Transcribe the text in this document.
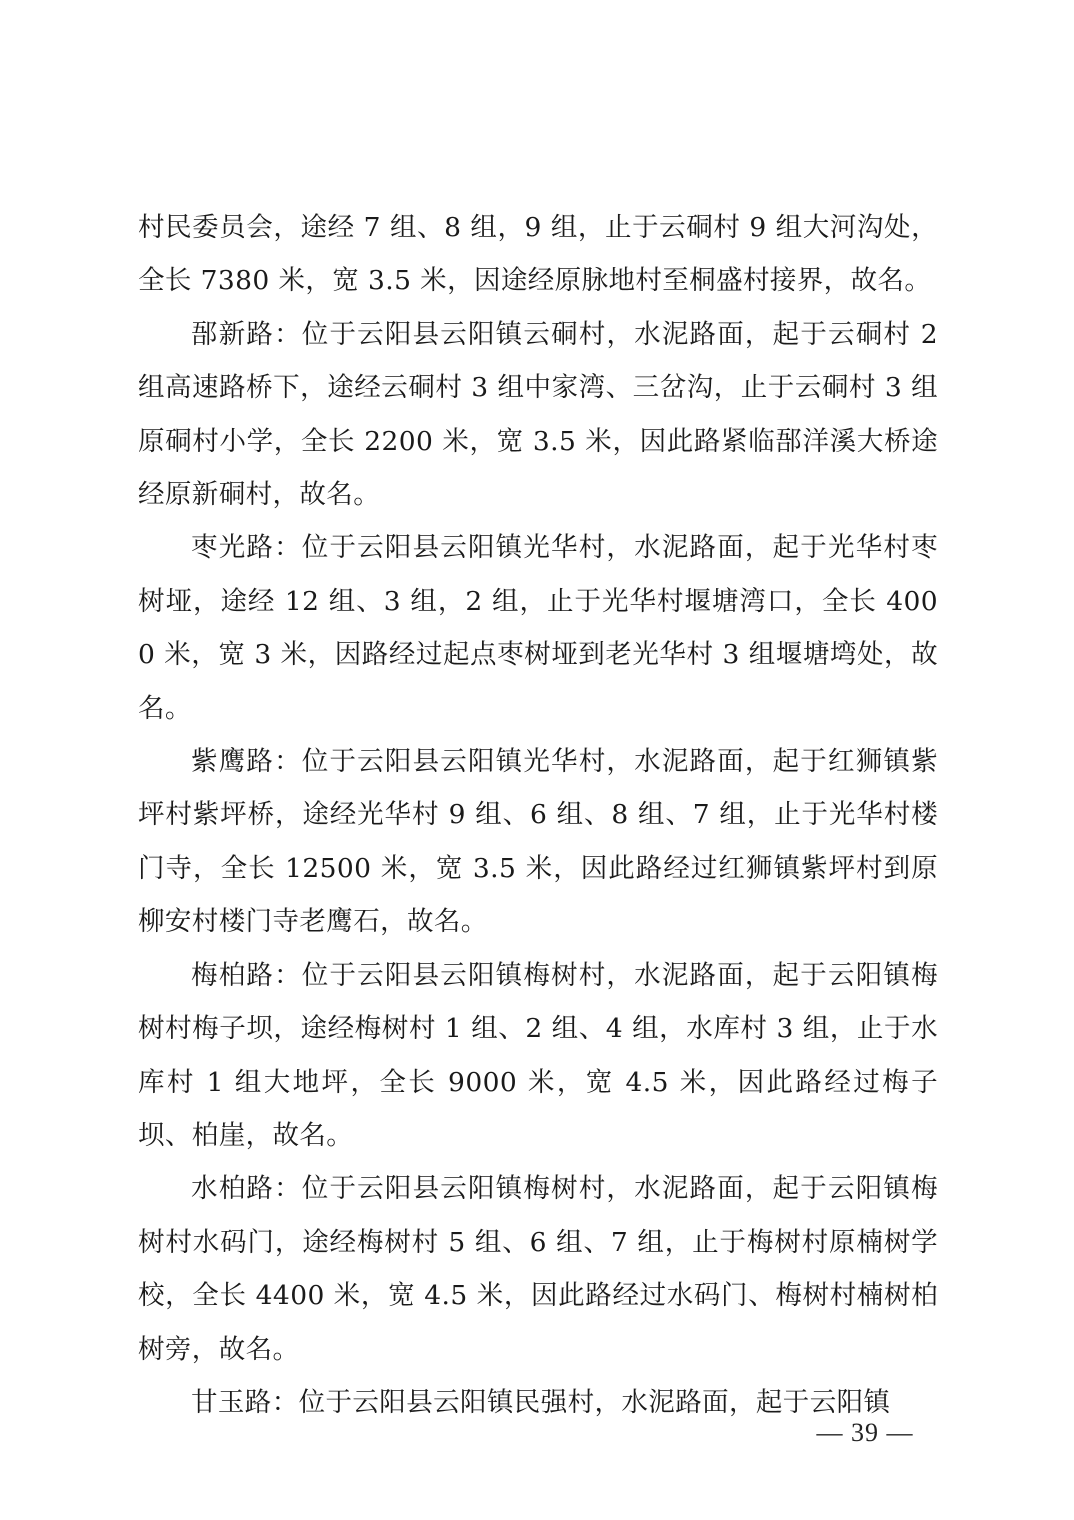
村民委员会，途经 7 组、8 组，9 组，止于云硐村 9 组大河沟处，全长 7380 米，宽 3.5 米，因途经原脉地村至桐盛村接界，故名。

郚新路：位于云阳县云阳镇云硐村，水泥路面，起于云硐村 2 组高速路桥下，途经云硐村 3 组中家湾、三岔沟，止于云硐村 3 组原硐村小学，全长 2200 米，宽 3.5 米，因此路紧临郚洋溪大桥途经原新硐村，故名。

枣光路：位于云阳县云阳镇光华村，水泥路面，起于光华村枣树垭，途经 12 组、3 组，2 组，止于光华村堰塘湾口，全长 4000 米，宽 3 米，因路经过起点枣树垭到老光华村 3 组堰塘塆处，故名。

紫鹰路：位于云阳县云阳镇光华村，水泥路面，起于红狮镇紫坪村紫坪桥，途经光华村 9 组、6 组、8 组、7 组，止于光华村楼门寺，全长 12500 米，宽 3.5 米，因此路经过红狮镇紫坪村到原柳安村楼门寺老鹰石，故名。

梅柏路：位于云阳县云阳镇梅树村，水泥路面，起于云阳镇梅树村梅子坝，途经梅树村 1 组、2 组、4 组，水库村 3 组，止于水库村 1 组大地坪，全长 9000 米，宽 4.5 米，因此路经过梅子坝、柏崖，故名。

水柏路：位于云阳县云阳镇梅树村，水泥路面，起于云阳镇梅树村水码门，途经梅树村 5 组、6 组、7 组，止于梅树村原楠树学校，全长 4400 米，宽 4.5 米，因此路经过水码门、梅树村楠树柏树旁，故名。

甘玉路：位于云阳县云阳镇民强村，水泥路面，起于云阳镇

— 39 —
